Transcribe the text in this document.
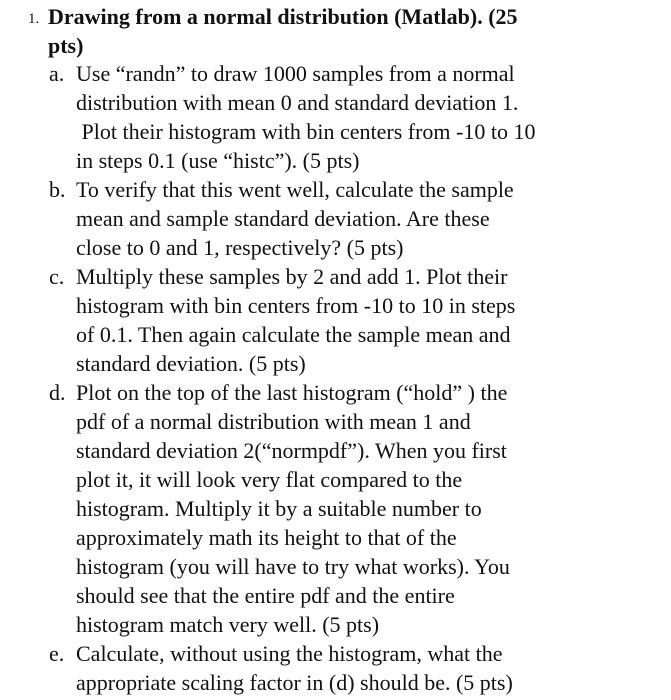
1. Drawing from a normal distribution (Matlab). (25
pts)
a. Use “randn” to draw 1000 samples from a normal
distribution with mean 0 and standard deviation 1.
Plot their histogram with bin centers from -10 to 10
in steps 0.1 (use “histc”). (5 pts)
b. To verify that this went well, calculate the sample
mean and sample standard deviation. Are these
close to 0 and 1, respectively? (5 pts)
c. Multiply these samples by 2 and add 1. Plot their
histogram with bin centers from -10 to 10 in steps
of 0.1. Then again calculate the sample mean and
standard deviation. (5 pts)
d. Plot on the top of the last histogram (“hold” ) the
pdf of a normal distribution with mean 1 and
standard deviation 2(“normpdf”). When you first
plot it, it will look very flat compared to the
histogram. Multiply it by a suitable number to
approximately math its height to that of the
histogram (you will have to try what works). You
should see that the entire pdf and the entire
histogram match very well. (5 pts)
e. Calculate, without using the histogram, what the
appropriate scaling factor in (d) should be. (5 pts)
